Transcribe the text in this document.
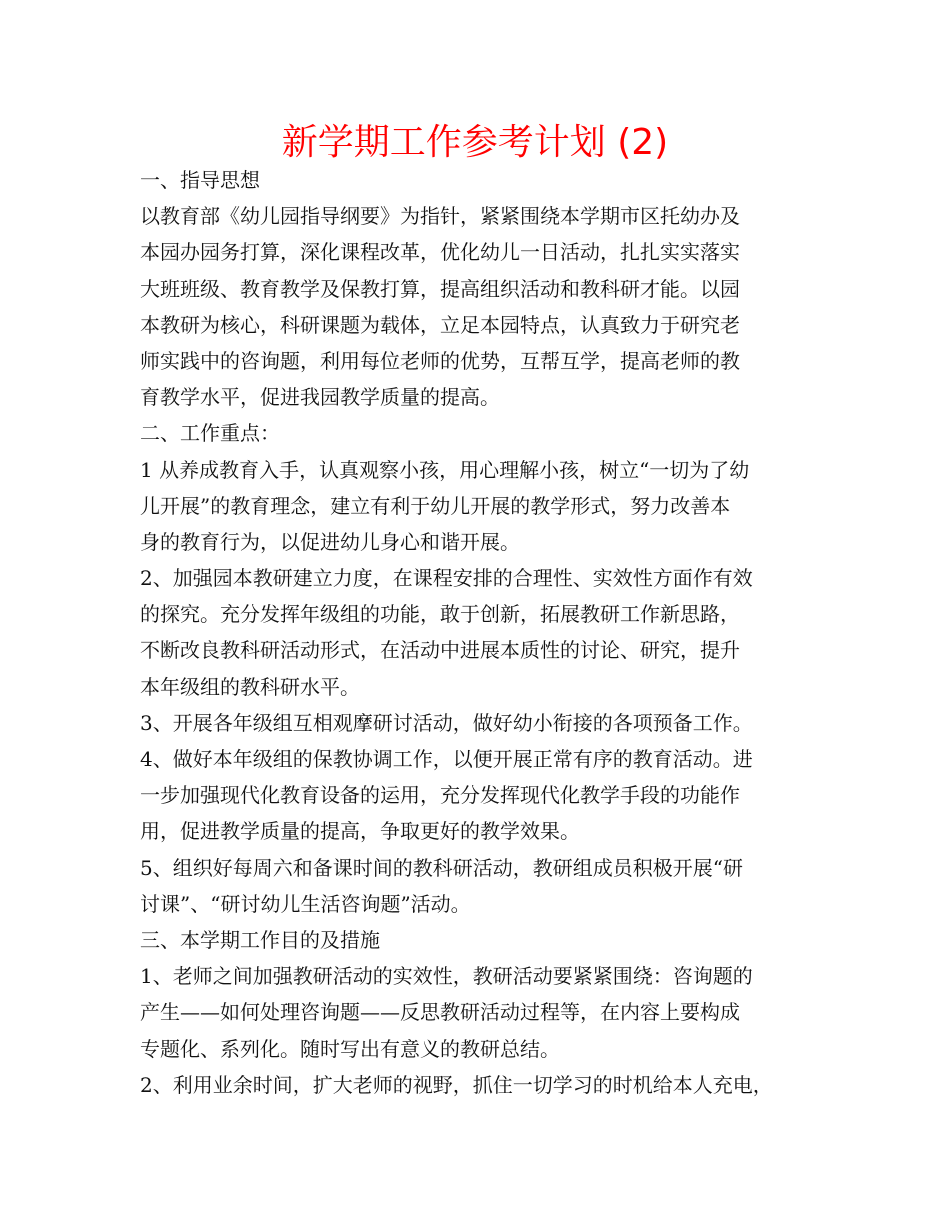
新学期工作参考计划 (2)
一、指导思想
以教育部《幼儿园指导纲要》为指针，紧紧围绕本学期市区托幼办及
本园办园务打算，深化课程改革，优化幼儿一日活动，扎扎实实落实
大班班级、教育教学及保教打算，提高组织活动和教科研才能。以园
本教研为核心，科研课题为载体，立足本园特点，认真致力于研究老
师实践中的咨询题，利用每位老师的优势，互帮互学，提高老师的教
育教学水平，促进我园教学质量的提高。
二、工作重点：
1 从养成教育入手，认真观察小孩，用心理解小孩，树立“一切为了幼
儿开展”的教育理念，建立有利于幼儿开展的教学形式，努力改善本
身的教育行为，以促进幼儿身心和谐开展。
2、加强园本教研建立力度，在课程安排的合理性、实效性方面作有效
的探究。充分发挥年级组的功能，敢于创新，拓展教研工作新思路，
不断改良教科研活动形式，在活动中进展本质性的讨论、研究，提升
本年级组的教科研水平。
3、开展各年级组互相观摩研讨活动，做好幼小衔接的各项预备工作。
4、做好本年级组的保教协调工作，以便开展正常有序的教育活动。进
一步加强现代化教育设备的运用，充分发挥现代化教学手段的功能作
用，促进教学质量的提高，争取更好的教学效果。
5、组织好每周六和备课时间的教科研活动，教研组成员积极开展“研
讨课”、“研讨幼儿生活咨询题”活动。
三、本学期工作目的及措施
1、老师之间加强教研活动的实效性，教研活动要紧紧围绕：咨询题的
产生——如何处理咨询题——反思教研活动过程等，在内容上要构成
专题化、系列化。随时写出有意义的教研总结。
2、利用业余时间，扩大老师的视野，抓住一切学习的时机给本人充电，
